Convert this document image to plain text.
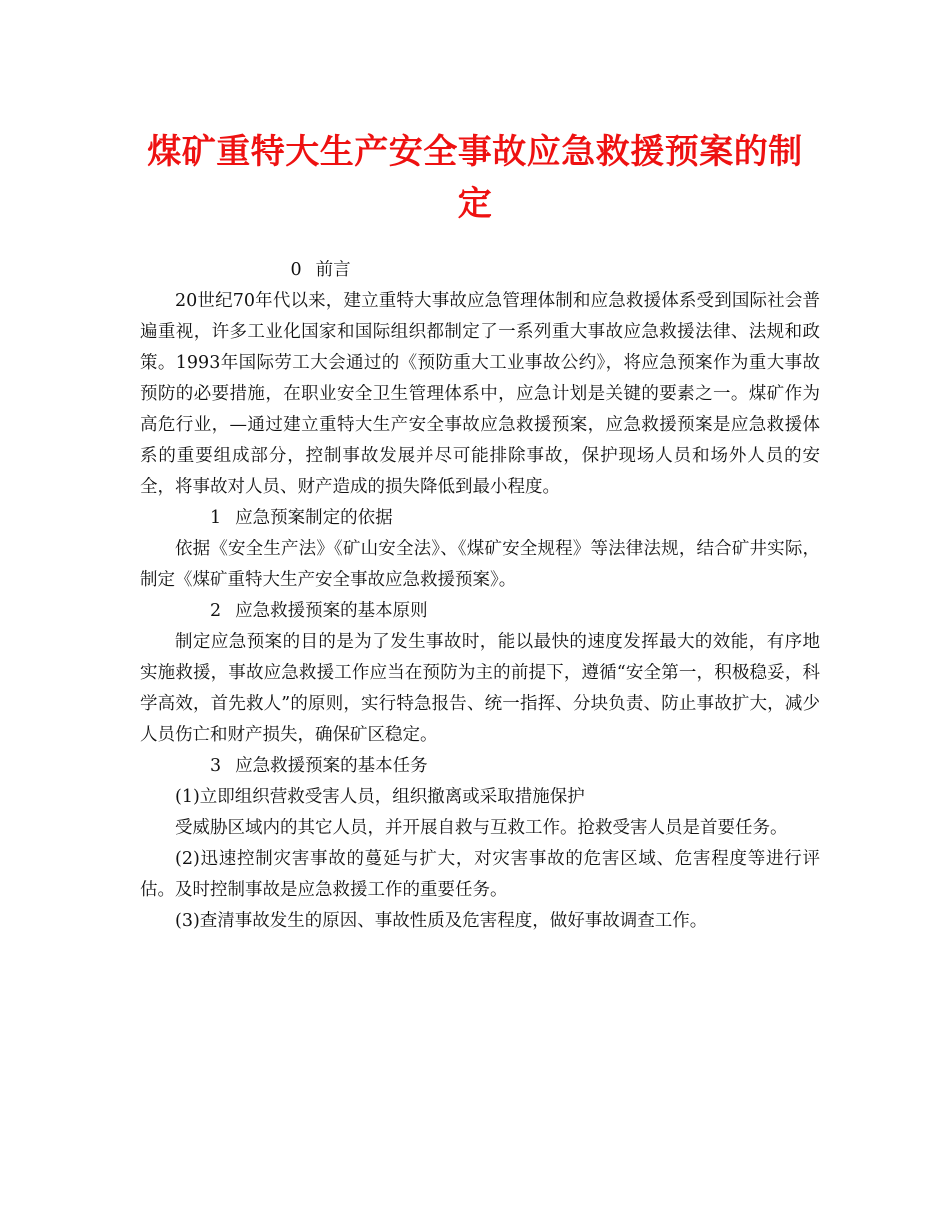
煤矿重特大生产安全事故应急救援预案的制
定

0 前言

20世纪70年代以来，建立重特大事故应急管理体制和应急救援体系受到国际社会普遍重视，许多工业化国家和国际组织都制定了一系列重大事故应急救援法律、法规和政策。1993年国际劳工大会通过的《预防重大工业事故公约》，将应急预案作为重大事故预防的必要措施，在职业安全卫生管理体系中，应急计划是关键的要素之一。煤矿作为高危行业，—通过建立重特大生产安全事故应急救援预案，应急救援预案是应急救援体系的重要组成部分，控制事故发展并尽可能排除事故，保护现场人员和场外人员的安全，将事故对人员、财产造成的损失降低到最小程度。

1 应急预案制定的依据

依据《安全生产法》《矿山安全法》、《煤矿安全规程》等法律法规，结合矿井实际，制定《煤矿重特大生产安全事故应急救援预案》。

2 应急救援预案的基本原则

制定应急预案的目的是为了发生事故时，能以最快的速度发挥最大的效能，有序地实施救援，事故应急救援工作应当在预防为主的前提下，遵循“安全第一，积极稳妥，科学高效，首先救人”的原则，实行特急报告、统一指挥、分块负责、防止事故扩大，减少人员伤亡和财产损失，确保矿区稳定。

3 应急救援预案的基本任务

(1)立即组织营救受害人员，组织撤离或采取措施保护

受威胁区域内的其它人员，并开展自救与互救工作。抢救受害人员是首要任务。

(2)迅速控制灾害事故的蔓延与扩大，对灾害事故的危害区域、危害程度等进行评估。及时控制事故是应急救援工作的重要任务。

(3)查清事故发生的原因、事故性质及危害程度，做好事故调查工作。
